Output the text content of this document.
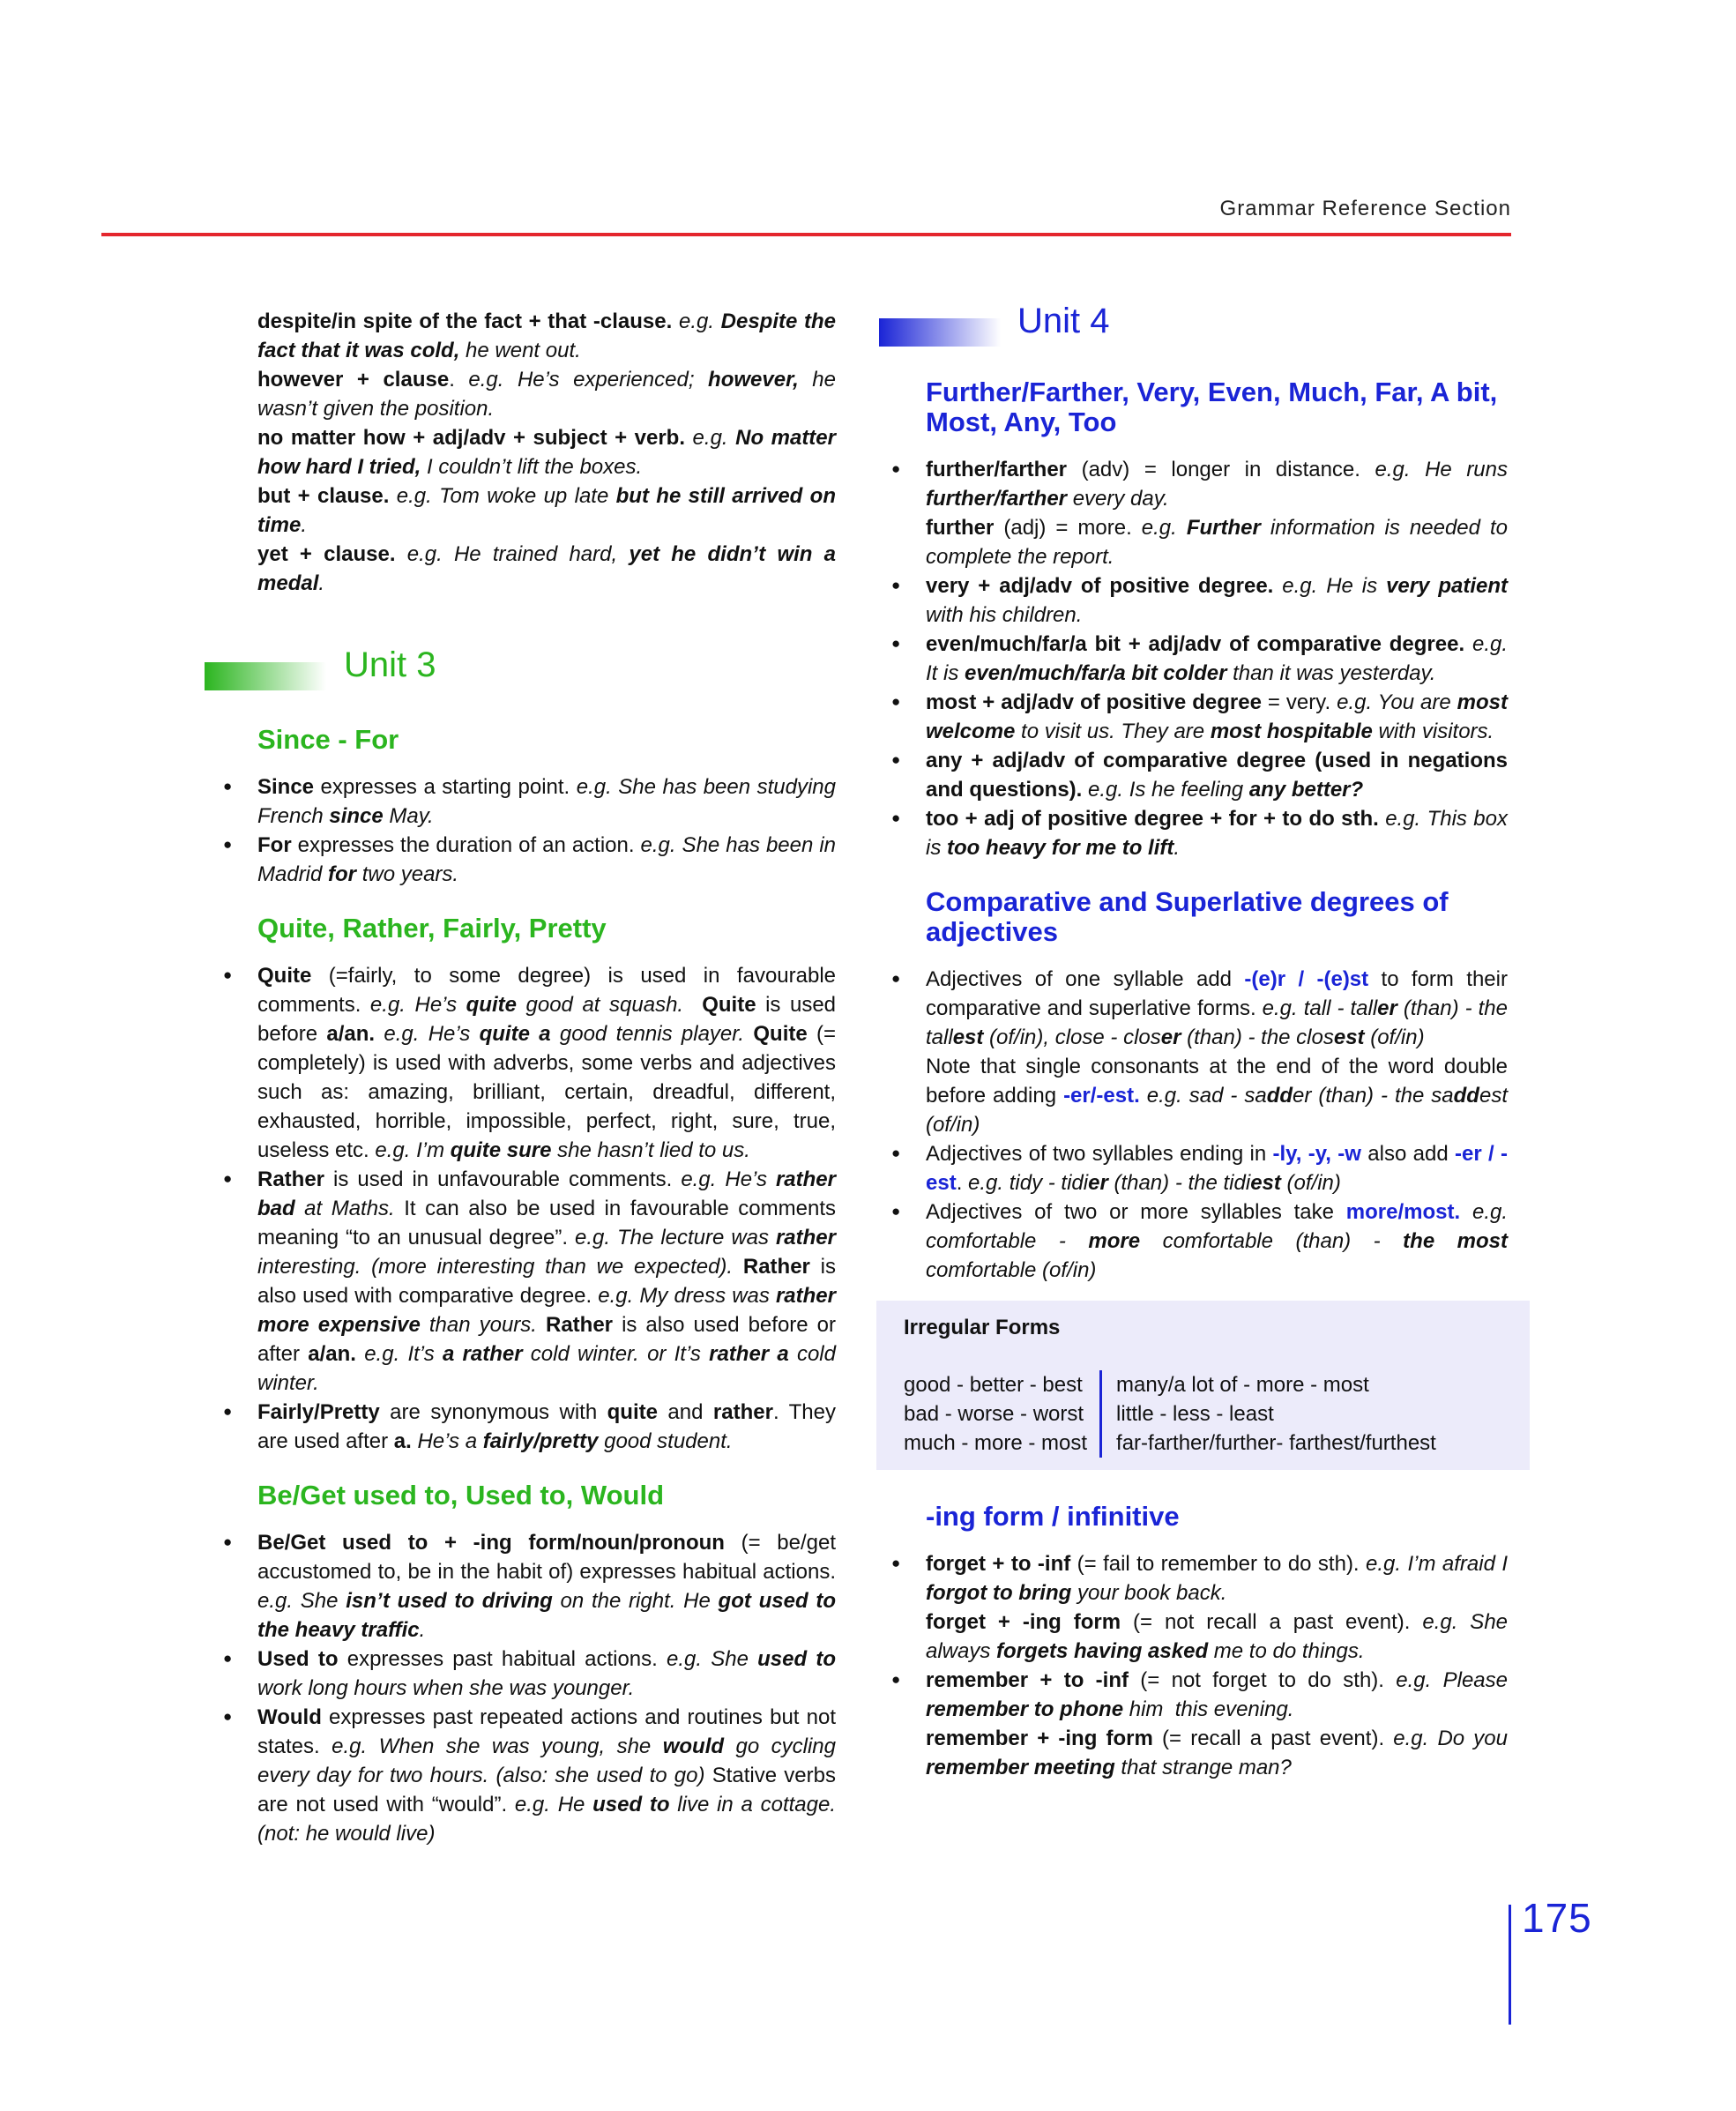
Grammar Reference Section

despite/in spite of the fact + that -clause. e.g. Despite the fact that it was cold, he went out.

however + clause. e.g. He’s experienced; however, he wasn’t given the position.

no matter how + adj/adv + subject + verb. e.g. No matter how hard I tried, I couldn’t lift the boxes.

but + clause. e.g. Tom woke up late but he still arrived on time.

yet + clause. e.g. He trained hard, yet he didn’t win a medal.

Unit 3
Since - For
● Since expresses a starting point. e.g. She has been studying French since May.
● For expresses the duration of an action. e.g. She has been in Madrid for two years.
Quite, Rather, Fairly, Pretty
● Quite (=fairly, to some degree) is used in favourable comments. e.g. He’s quite good at squash. Quite is used before a/an. e.g. He’s quite a good tennis player. Quite (= completely) is used with adverbs, some verbs and adjectives such as: amazing, brilliant, certain, dreadful, different, exhausted, horrible, impossible, perfect, right, sure, true, useless etc. e.g. I’m quite sure she hasn’t lied to us.
● Rather is used in unfavourable comments. e.g. He’s rather bad at Maths. It can also be used in favourable comments meaning “to an unusual degree”. e.g. The lecture was rather interesting. (more interesting than we expected). Rather is also used with comparative degree. e.g. My dress was rather more expensive than yours. Rather is also used before or after a/an. e.g. It’s a rather cold winter. or It’s rather a cold winter.
● Fairly/Pretty are synonymous with quite and rather. They are used after a. He’s a fairly/pretty good student.
Be/Get used to, Used to, Would
● Be/Get used to + -ing form/noun/pronoun (= be/get accustomed to, be in the habit of) expresses habitual actions. e.g. She isn’t used to driving on the right. He got used to the heavy traffic.
● Used to expresses past habitual actions. e.g. She used to work long hours when she was younger.
● Would expresses past repeated actions and routines but not states. e.g. When she was young, she would go cycling every day for two hours. (also: she used to go) Stative verbs are not used with “would”. e.g. He used to live in a cottage. (not: he would live)
Unit 4
Further/Farther, Very, Even, Much, Far, A bit, Most, Any, Too
● further/farther (adv) = longer in distance. e.g. He runs further/farther every day.
further (adj) = more. e.g. Further information is needed to complete the report.
● very + adj/adv of positive degree. e.g. He is very patient with his children.
● even/much/far/a bit + adj/adv of comparative degree. e.g. It is even/much/far/a bit colder than it was yesterday.
● most + adj/adv of positive degree = very. e.g. You are most welcome to visit us. They are most hospitable with visitors.
● any + adj/adv of comparative degree (used in negations and questions). e.g. Is he feeling any better?
● too + adj of positive degree + for + to do sth. e.g. This box is too heavy for me to lift.
Comparative and Superlative degrees of adjectives
● Adjectives of one syllable add -(e)r / -(e)st to form their comparative and superlative forms. e.g. tall - taller (than) - the tallest (of/in), close - closer (than) - the closest (of/in)
Note that single consonants at the end of the word double before adding -er/-est. e.g. sad - sadder (than) - the saddest (of/in)
● Adjectives of two syllables ending in -ly, -y, -w also add -er / -est. e.g. tidy - tidier (than) - the tidiest (of/in)
● Adjectives of two or more syllables take more/most. e.g. comfortable - more comfortable (than) - the most comfortable (of/in)
Irregular Forms
good - better - best
bad - worse - worst
much - more - most
many/a lot of - more - most
little - less - least
far-farther/further- farthest/furthest
-ing form / infinitive
● forget + to -inf (= fail to remember to do sth). e.g. I’m afraid I forgot to bring your book back.
forget + -ing form (= not recall a past event). e.g. She always forgets having asked me to do things.
● remember + to -inf (= not forget to do sth). e.g. Please remember to phone him  this evening.
remember + -ing form (= recall a past event). e.g. Do you remember meeting that strange man?
175
